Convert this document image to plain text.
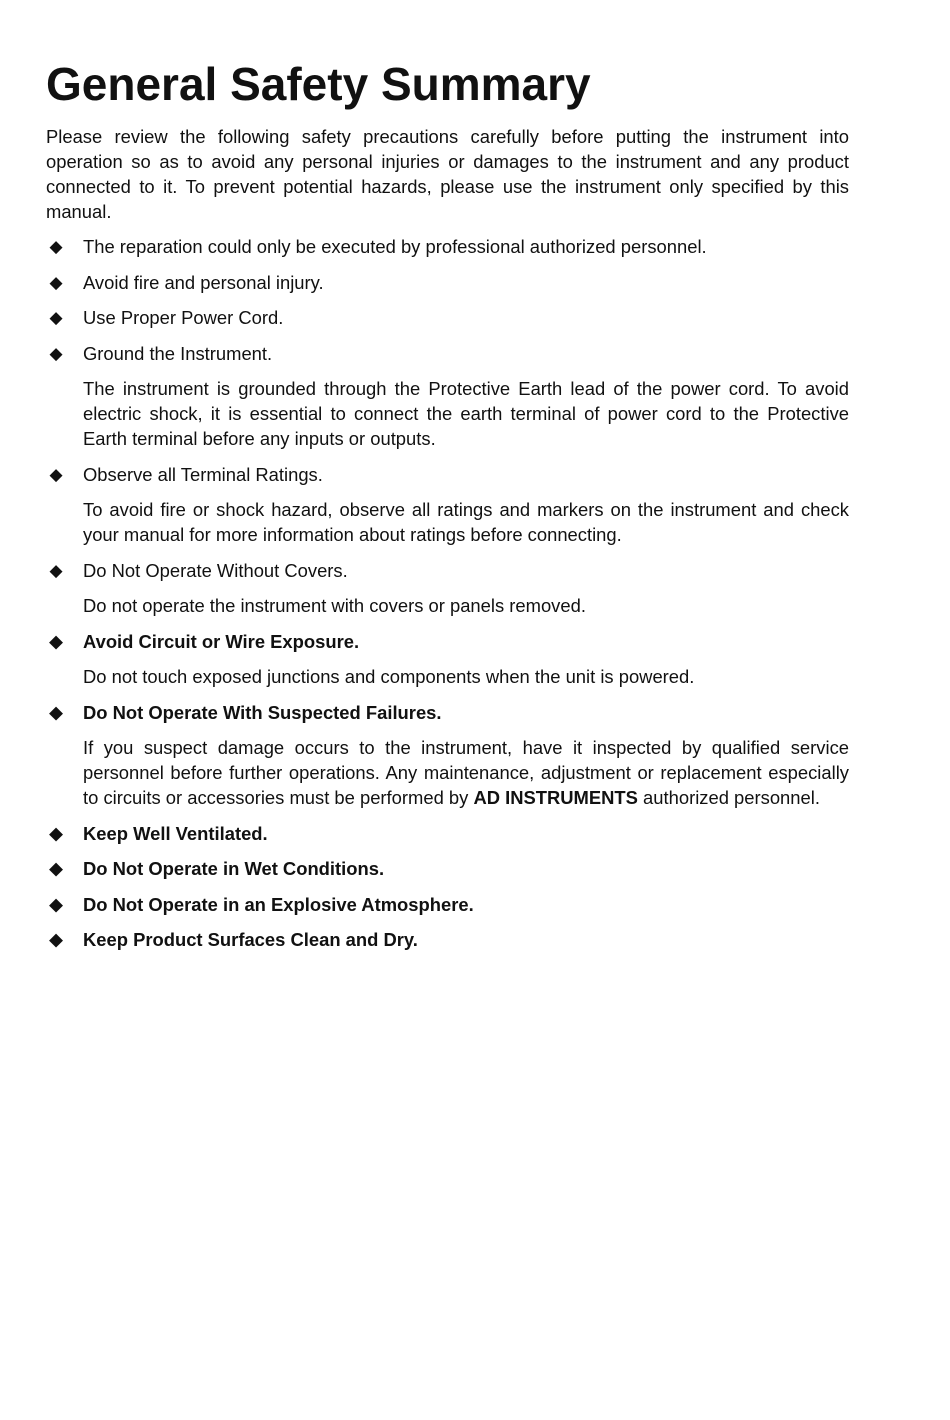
General Safety Summary

Please review the following safety precautions carefully before putting the instrument into operation so as to avoid any personal injuries or damages to the instrument and any product connected to it. To prevent potential hazards, please use the instrument only specified by this manual.

◆ The reparation could only be executed by professional authorized personnel.
◆ Avoid fire and personal injury.
◆ Use Proper Power Cord.
◆ Ground the Instrument.

The instrument is grounded through the Protective Earth lead of the power cord. To avoid electric shock, it is essential to connect the earth terminal of power cord to the Protective Earth terminal before any inputs or outputs.

◆ Observe all Terminal Ratings.

To avoid fire or shock hazard, observe all ratings and markers on the instrument and check your manual for more information about ratings before connecting.

◆ Do Not Operate Without Covers.

Do not operate the instrument with covers or panels removed.

◆ Avoid Circuit or Wire Exposure.

Do not touch exposed junctions and components when the unit is powered.

◆ Do Not Operate With Suspected Failures.

If you suspect damage occurs to the instrument, have it inspected by qualified service personnel before further operations. Any maintenance, adjustment or replacement especially to circuits or accessories must be performed by AD INSTRUMENTS authorized personnel.

◆ Keep Well Ventilated.
◆ Do Not Operate in Wet Conditions.
◆ Do Not Operate in an Explosive Atmosphere.
◆ Keep Product Surfaces Clean and Dry.
